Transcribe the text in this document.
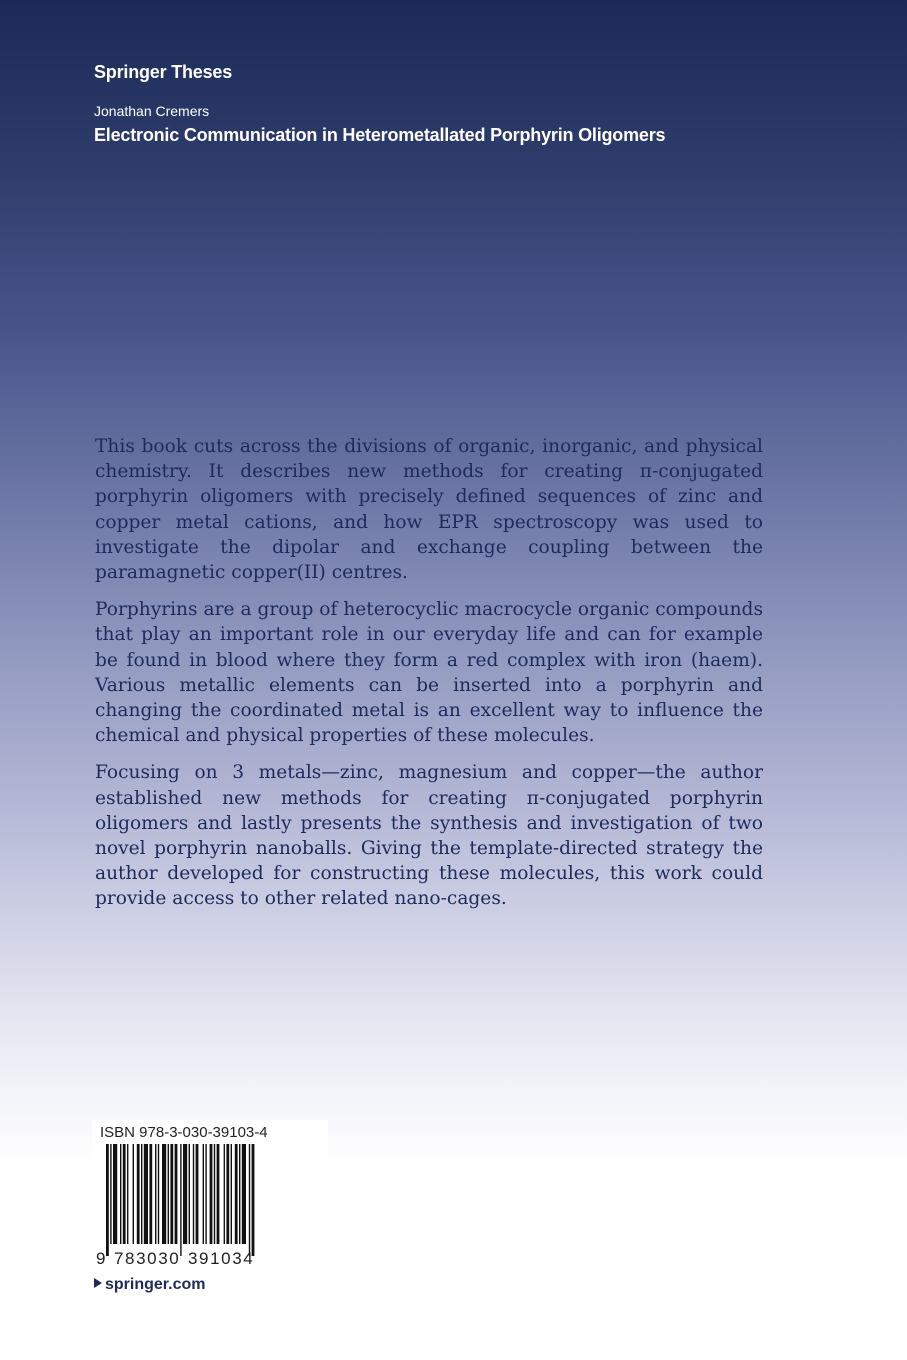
Springer Theses
Jonathan Cremers
Electronic Communication in Heterometallated Porphyrin Oligomers

This book cuts across the divisions of organic, inorganic, and physical chemistry. It describes new methods for creating π-conjugated porphyrin oligomers with precisely defined sequences of zinc and copper metal cations, and how EPR spectroscopy was used to investigate the dipolar and exchange coupling between the paramagnetic copper(II) centres.

Porphyrins are a group of heterocyclic macrocycle organic compounds that play an important role in our everyday life and can for example be found in blood where they form a red complex with iron (haem). Various metallic elements can be inserted into a porphyrin and changing the coordinated metal is an excellent way to influence the chemical and physical properties of these molecules.

Focusing on 3 metals—zinc, magnesium and copper—the author established new methods for creating π-conjugated porphyrin oligomers and lastly presents the synthesis and investigation of two novel porphyrin nanoballs. Giving the template-directed strategy the author developed for constructing these molecules, this work could provide access to other related nano-cages.

ISBN 978-3-030-39103-4
9 783030 391034
springer.com
